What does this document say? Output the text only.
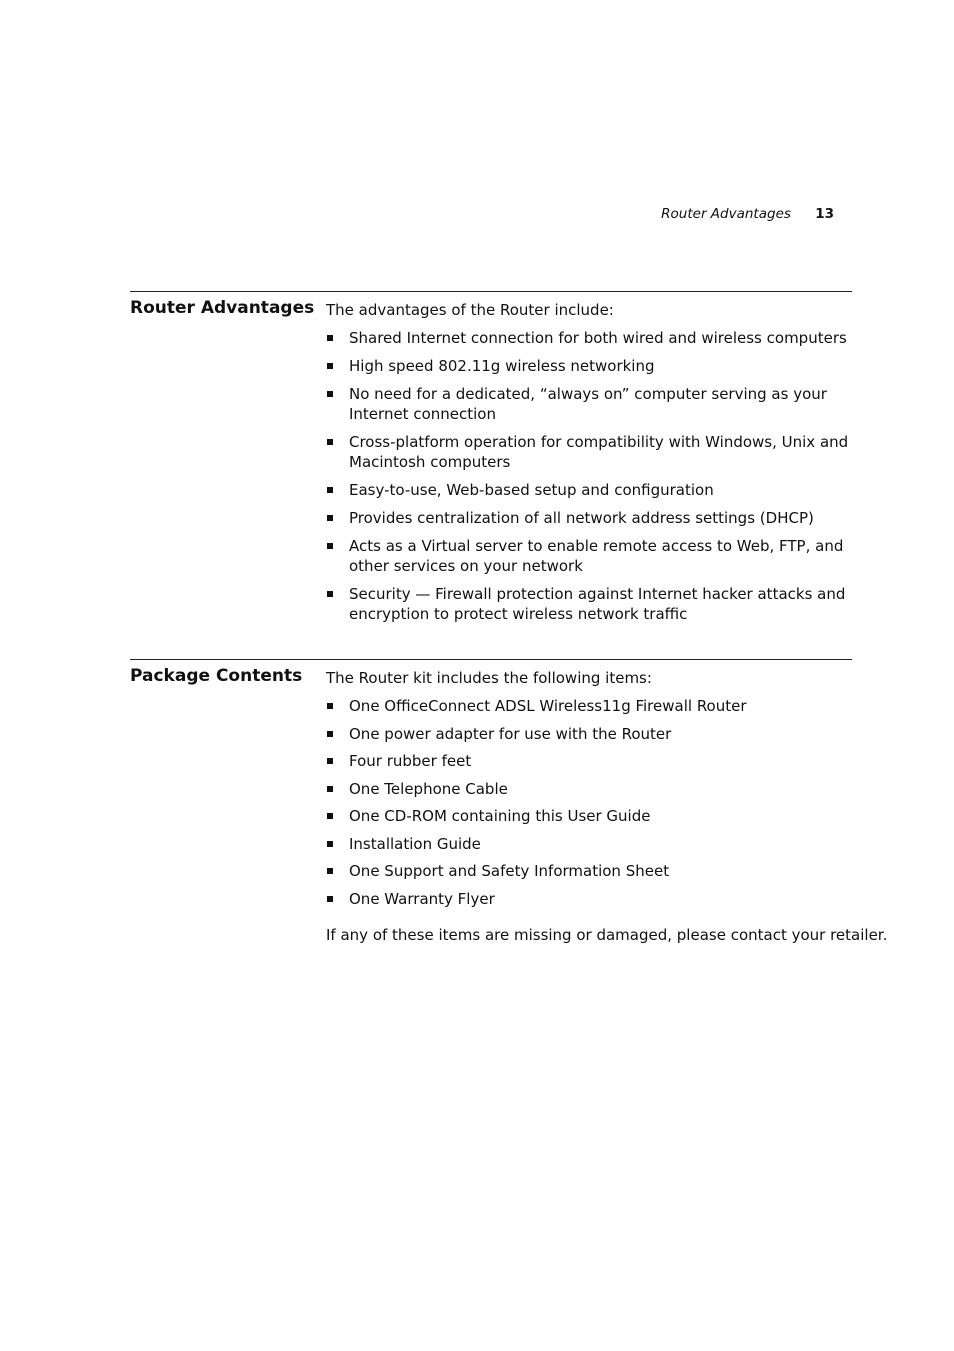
Router Advantages 13
Router Advantages The advantages of the Router include:

Shared Internet connection for both wired and wireless computers
High speed 802.11g wireless networking
No need for a dedicated, “always on” computer serving as your Internet connection
Cross-platform operation for compatibility with Windows, Unix and Macintosh computers
Easy-to-use, Web-based setup and configuration
Provides centralization of all network address settings (DHCP)
Acts as a Virtual server to enable remote access to Web, FTP, and other services on your network
Security — Firewall protection against Internet hacker attacks and encryption to protect wireless network traffic
Package Contents	The Router kit includes the following items:

One OfficeConnect ADSL Wireless11g Firewall Router
One power adapter for use with the Router
Four rubber feet
One Telephone Cable
One CD-ROM containing this User Guide
Installation Guide
One Support and Safety Information Sheet
One Warranty Flyer

If any of these items are missing or damaged, please contact your retailer.
